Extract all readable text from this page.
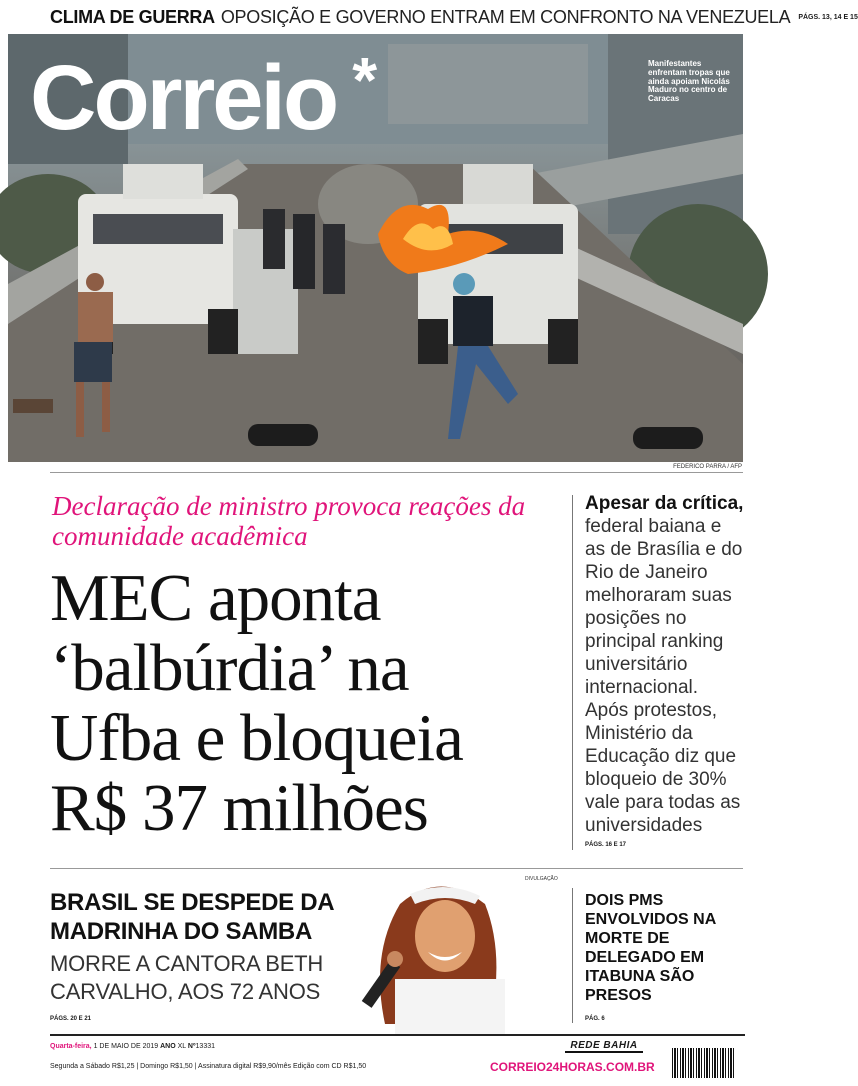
CLIMA DE GUERRA OPOSIÇÃO E GOVERNO ENTRAM EM CONFRONTO NA VENEZUELA PÁGS. 13, 14 E 15
Correio *	Manifestantes enfrentam tropas que ainda apoiam Nicolás Maduro no centro de Caracas
FEDERICO PARRA / AFP
Declaração de ministro provoca reações da comunidade acadêmica
MEC aponta
‘balbúrdia’ na
Ufba e bloqueia
R$ 37 milhões
Apesar da crítica, federal baiana e as de Brasília e do Rio de Janeiro melhoraram suas posições no principal ranking universitário internacional. Após protestos, Ministério da Educação diz que bloqueio de 30% vale para todas as universidades
PÁGS. 16 E 17
BRASIL SE DESPEDE DA MADRINHA DO SAMBA
MORRE A CANTORA BETH CARVALHO, AOS 72 ANOS
PÁGS. 20 E 21
DIVULGAÇÃO
DOIS PMS ENVOLVIDOS NA MORTE DE DELEGADO EM ITABUNA SÃO PRESOS
PÁG. 6
Quarta-feira, 1 DE MAIO DE 2019 ANO XL Nº13331
Segunda a Sábado R$1,25 | Domingo R$1,50 | Assinatura digital R$9,90/mês Edição com CD R$1,50
REDE BAHIA
CORREIO24HORAS.COM.BR
